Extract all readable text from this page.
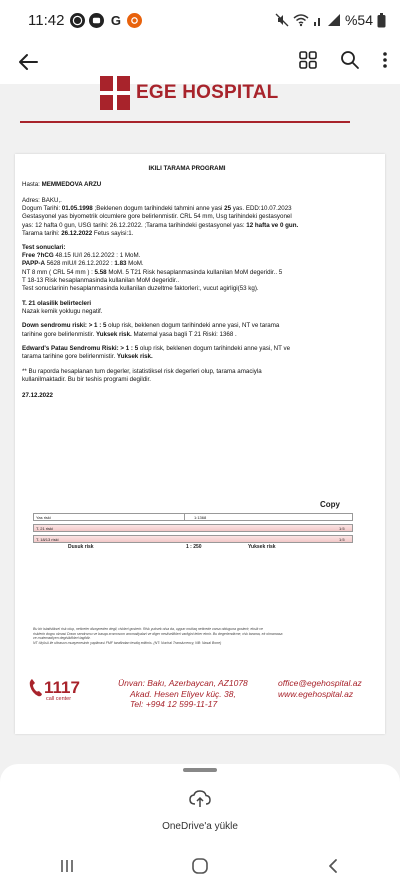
11:42	G	%54
EGE HOSPITAL

IKILI TARAMA PROGRAMI

Hasta: MEMMEDOVA ARZU

Adres: BAKU,.

Dogum Tarihi: 01.05.1998 ;Beklenen dogum tarihindeki tahmini anne yasi 25 yas. EDD:10.07.2023

Gestasyonel yas biyometrik olcumlere gore belirlenmistir. CRL 54 mm, Usg tarihindeki gestasyonel

yas: 12 hafta 0 gun, USG tarihi: 26.12.2022. ;Tarama tarihindeki gestasyonel yas: 12 hafta ve 0 gun.

Tarama tarihi: 26.12.2022 Fetus sayisi:1.

Test sonuclari:

Free ?hCG 48.15 IU/l 26.12.2022 : 1 MoM.

PAPP-A 5628 mIU/l 26.12.2022 : 1.83 MoM.

NT 8 mm ( CRL 54 mm ) : 5.58 MoM. 5 T21 Risk hesaplanmasinda kullanilan MoM degeridir.. 5

T 18-13 Risk hesaplanmasinda kullanilan MoM degeridir..

Test sonuclarinin hesaplanmasinda kullanilan duzeltme faktorleri:, vucut agirligi(53 kg).

T. 21 olasilik belirtecleri

Nazak kemik yoklugu negatif.

Down sendromu riski: > 1 : 5 olup risk, beklenen dogum tarihindeki anne yasi, NT ve tarama

tarihine gore belirlenmistir. Yuksek risk. Maternal yasa bagli T 21 Riski: 1368 .

Edward's Patau Sendromu Riski: > 1 : 5 olup risk, beklenen dogum tarihindeki anne yasi, NT ve

tarama tarihine gore belirlenmistir. Yuksek risk.

** Bu raporda hesaplanan tum degerler, istatistiksel risk degerleri olup, tarama amaciyla

kullanilmaktadir. Bu bir teshis programi degildir.

27.12.2022

Copy
Yas riski	1:1368
T. 21 riski	1:5
T. 18/13 riski	1:5
Dusuk risk	1 : 250	Yuksek risk

Bu bir istatistiksel risk olup, neticeler dizayneden degil, riskleri gosterir. Risk yuksek olsa da, uygun mutlaq neticede varsa olduguna gosterir, eksik ve

risklerin dogru olmasi Down sendromu ve basqa xromosom anomaliyalari ve diger nesilsellikleri varligini teker etmir. Bu degerlendirme, risk tarama, ek olmamasa

ve mutemadiyen degisiklikleri taglidir.

NT ölçüsü ile ultrason muayenesinin yapilmasi FMF tarafindan tesdiq edilmis. (NT: Nuchal Translucency, NB: Nasal Bone)

1117
call center

Ünvan: Bakı, Azerbaycan, AZ1078

Akad. Hesen Eliyev küç. 38,

Tel: +994 12 599-11-17

office@egehospital.az

www.egehospital.az

OneDrive'a yükle
